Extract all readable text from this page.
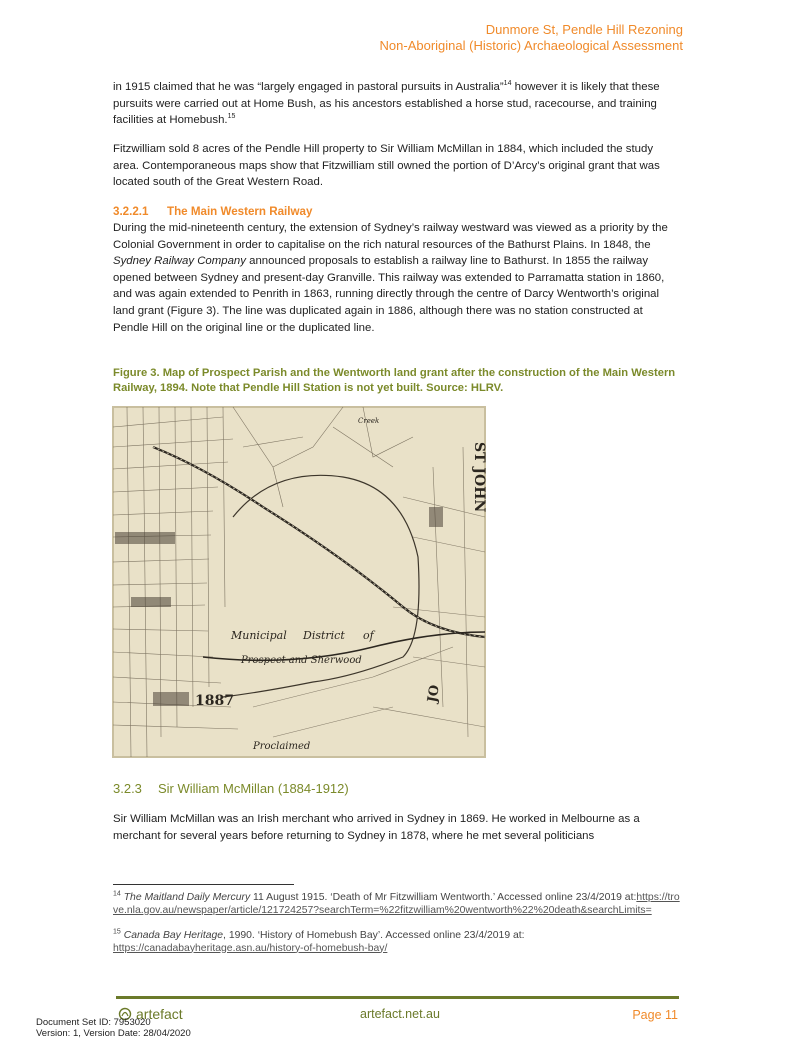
Dunmore St, Pendle Hill Rezoning
Non-Aboriginal (Historic) Archaeological Assessment
in 1915 claimed that he was “largely engaged in pastoral pursuits in Australia”$^{14}$ however it is likely that these pursuits were carried out at Home Bush, as his ancestors established a horse stud, racecourse, and training facilities at Homebush.$^{15}$
Fitzwilliam sold 8 acres of the Pendle Hill property to Sir William McMillan in 1884, which included the study area. Contemporaneous maps show that Fitzwilliam still owned the portion of D’Arcy’s original grant that was located south of the Great Western Road.
3.2.2.1 The Main Western Railway
During the mid-nineteenth century, the extension of Sydney’s railway westward was viewed as a priority by the Colonial Government in order to capitalise on the rich natural resources of the Bathurst Plains. In 1848, the Sydney Railway Company announced proposals to establish a railway line to Bathurst. In 1855 the railway opened between Sydney and present-day Granville. This railway was extended to Parramatta station in 1860, and was again extended to Penrith in 1863, running directly through the centre of Darcy Wentworth’s original land grant (Figure 3). The line was duplicated again in 1886, although there was no station constructed at Pendle Hill on the original line or the duplicated line.
Figure 3. Map of Prospect Parish and the Wentworth land grant after the construction of the Main Western Railway, 1894. Note that Pendle Hill Station is not yet built. Source: HLRV.
ST JOHN
Municipal District of
Prospect and Sherwood
Proclaimed
Creek
1887	JO
3.2.3 Sir William McMillan (1884-1912)
Sir William McMillan was an Irish merchant who arrived in Sydney in 1869. He worked in Melbourne as a merchant for several years before returning to Sydney in 1878, where he met several politicians
$^{14}$ The Maitland Daily Mercury 11 August 1915. ‘Death of Mr Fitzwilliam Wentworth.’ Accessed online 23/4/2019 at:https://trove.nla.gov.au/newspaper/article/121724257?searchTerm=%22fitzwilliam%20wentworth%22%20death&searchLimits=
$^{15}$ Canada Bay Heritage, 1990. ‘History of Homebush Bay’. Accessed online 23/4/2019 at:
https://canadabayheritage.asn.au/history-of-homebush-bay/
artefact	artefact.net.au	Page 11
Document Set ID: 7953020
Version: 1, Version Date: 28/04/2020
